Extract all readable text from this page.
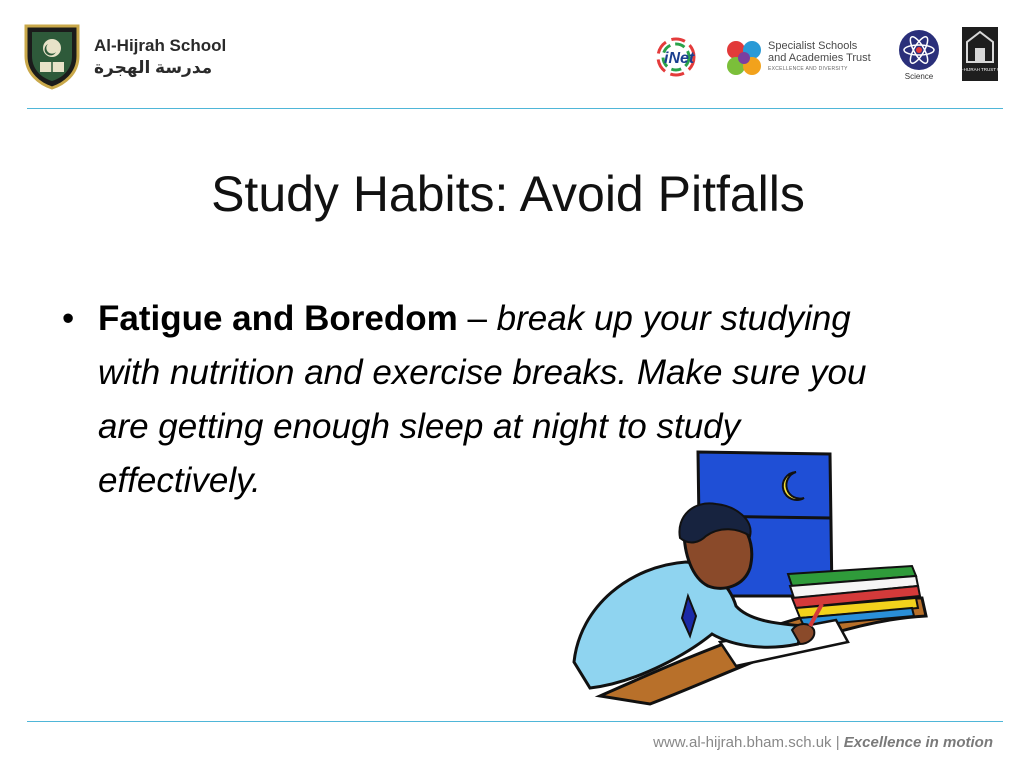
Al-Hijrah School
مدرسة الهجرة	iNet
Specialist Schools
and Academies Trust
EXCELLENCE AND DIVERSITY
Science
AL-HIJRAH TRUST UK
Study Habits: Avoid Pitfalls
• Fatigue and Boredom – break up your studying with nutrition and exercise breaks. Make sure you are getting enough sleep at night to study effectively.
www.al-hijrah.bham.sch.uk | Excellence in motion
